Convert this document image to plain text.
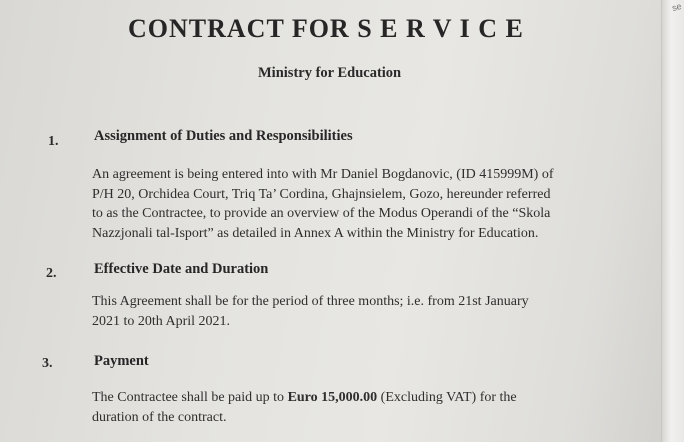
se
CONTRACT FOR S E R V I C E
Ministry for Education
1. Assignment of Duties and Responsibilities
An agreement is being entered into with Mr Daniel Bogdanovic, (ID 415999M) of
P/H 20, Orchidea Court, Triq Ta’ Cordina, Ghajnsielem, Gozo, hereunder referred
to as the Contractee, to provide an overview of the Modus Operandi of the “Skola
Nazzjonali tal-Isport” as detailed in Annex A within the Ministry for Education.
2.	Effective Date and Duration
This Agreement shall be for the period of three months; i.e. from 21st January
2021 to 20th April 2021.
3.	Payment
The Contractee shall be paid up to Euro 15,000.00 (Excluding VAT) for the
duration of the contract.
